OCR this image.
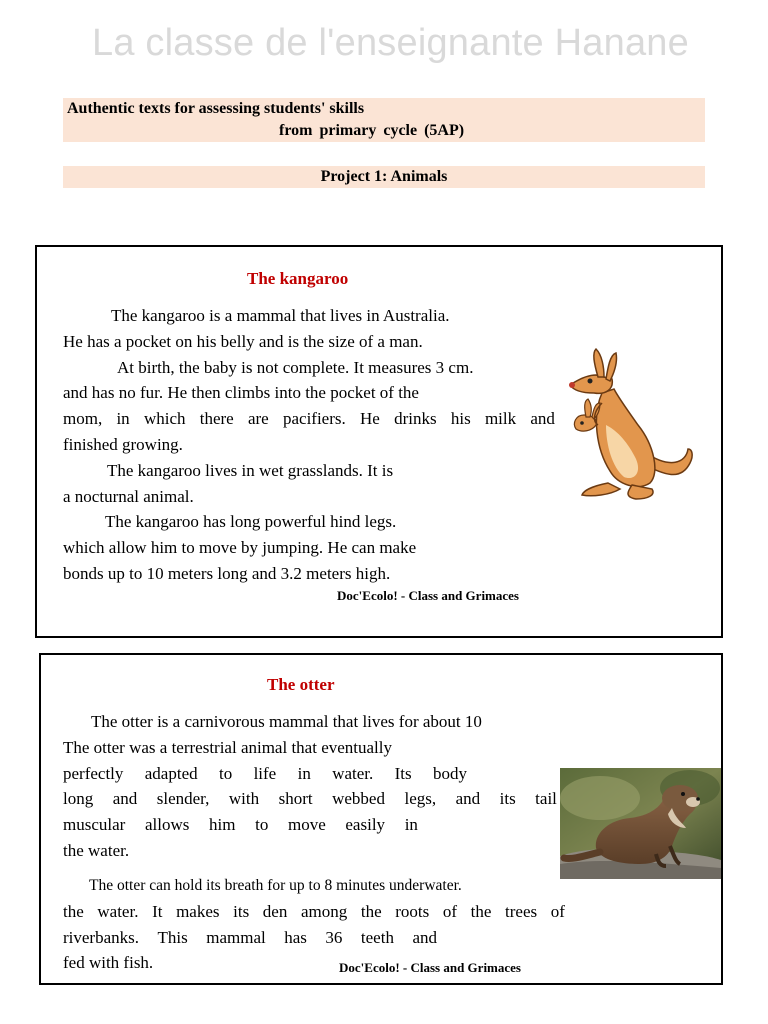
La classe de l'enseignante Hanane
Authentic texts for assessing students' skills
from primary cycle (5AP)
Project 1: Animals
The kangaroo
The kangaroo is a mammal that lives in Australia.
He has a pocket on his belly and is the size of a man.
At birth, the baby is not complete. It measures 3 cm.
and has no fur. He then climbs into the pocket of the
mom, in which there are pacifiers. He drinks his milk and
finished growing.
The kangaroo lives in wet grasslands. It is
a nocturnal animal.
The kangaroo has long powerful hind legs.
which allow him to move by jumping. He can make
bonds up to 10 meters long and 3.2 meters high.
Doc'Ecolo! - Class and Grimaces
The otter
The otter is a carnivorous mammal that lives for about 10
The otter was a terrestrial animal that eventually
perfectly adapted to life in water. Its body
long and slender, with short webbed legs, and its tail
muscular allows him to move easily in
the water.
The otter can hold its breath for up to 8 minutes underwater.
the water. It makes its den among the roots of the trees of
riverbanks. This mammal has 36 teeth and
fed with fish.	Doc'Ecolo! - Class and Grimaces
